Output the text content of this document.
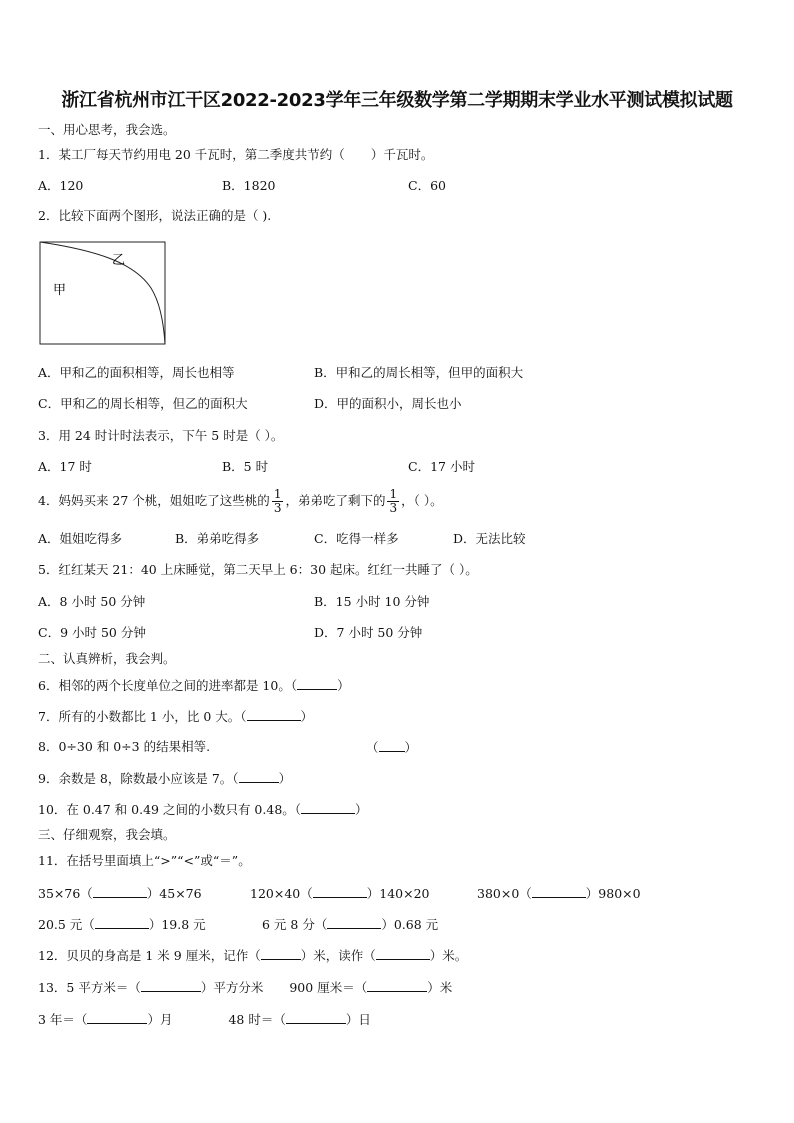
浙江省杭州市江干区2022-2023学年三年级数学第二学期期末学业水平测试模拟试题
一、用心思考，我会选。
1．某工厂每天节约用电 20 千瓦时，第二季度共节约（ ）千瓦时。
A．120	B．1820	C．60
2．比较下面两个图形，说法正确的是（ ).
甲
乙
A．甲和乙的面积相等，周长也相等	B．甲和乙的周长相等，但甲的面积大
C．甲和乙的周长相等，但乙的面积大	D．甲的面积小，周长也小
3．用 24 时计时法表示，下午 5 时是（ ）。
A．17 时	B．5 时	C．17 小时
4．妈妈买来 27 个桃，姐姐吃了这些桃的 $\frac{1}{3}$ ，弟弟吃了剩下的 $\frac{1}{3}$ ，（ ）。
A．姐姐吃得多	B．弟弟吃得多	C．吃得一样多	D．无法比较
5．红红某天 21：40 上床睡觉，第二天早上 6：30 起床。红红一共睡了（ ）。
A．8 小时 50 分钟	B．15 小时 10 分钟
C．9 小时 50 分钟	D．7 小时 50 分钟
二、认真辨析，我会判。
6．相邻的两个长度单位之间的进率都是 10。（	）
7．所有的小数都比 1 小，比 0 大。（	）
8．0÷30 和 0÷3 的结果相等.	（ ）
9．余数是 8，除数最小应该是 7。（	）
10．在 0.47 和 0.49 之间的小数只有 0.48。（	）
三、仔细观察，我会填。
11．在括号里面填上“>”“<”或“＝”。
35×76（	）45×76	120×40（	）140×20	380×0（	）980×0
20.5 元（	）19.8 元	6 元 8 分（	）0.68 元
12．贝贝的身高是 1 米 9 厘米，记作（	）米，读作（	）米。
13．5 平方米＝（	）平方分米 900 厘米＝（	）米
3 年＝（	）月	48 时＝（	）日
